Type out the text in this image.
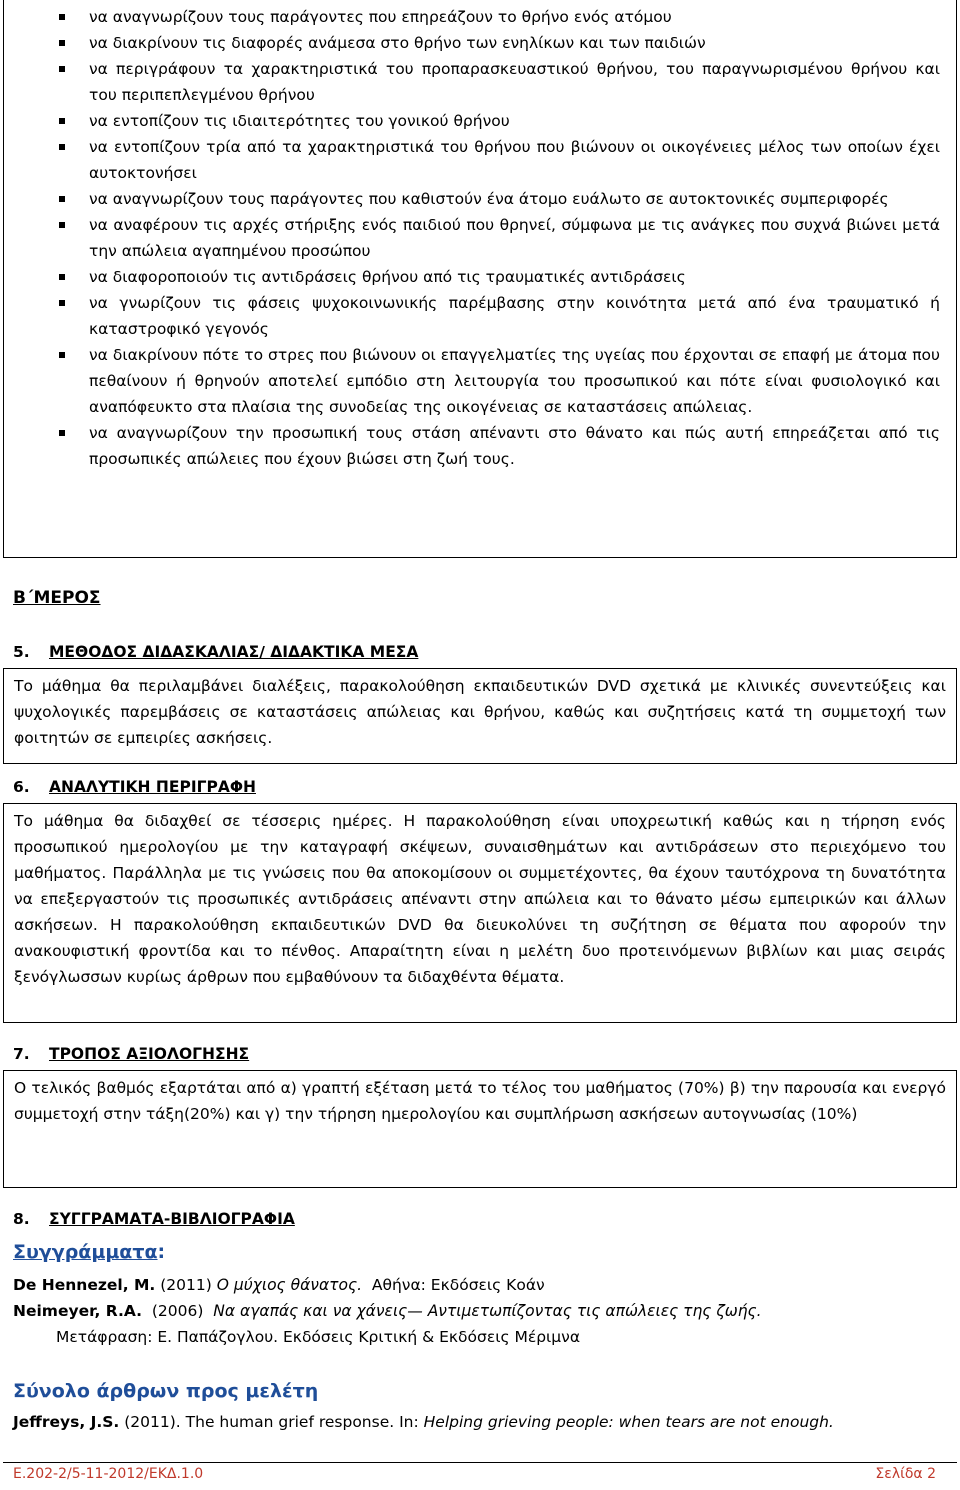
να αναγνωρίζουν τους παράγοντες που επηρεάζουν το θρήνο ενός ατόμου
να διακρίνουν τις διαφορές ανάμεσα στο θρήνο των ενηλίκων και των παιδιών
να περιγράφουν τα χαρακτηριστικά του προπαρασκευαστικού θρήνου, του παραγνωρισμένου θρήνου και του περιπεπλεγμένου θρήνου
να εντοπίζουν τις ιδιαιτερότητες του γονικού θρήνου
να εντοπίζουν τρία από τα χαρακτηριστικά του θρήνου που βιώνουν οι οικογένειες μέλος των οποίων έχει αυτοκτονήσει
να αναγνωρίζουν τους παράγοντες που καθιστούν ένα άτομο ευάλωτο σε αυτοκτονικές συμπεριφορές
να αναφέρουν τις αρχές στήριξης ενός παιδιού που θρηνεί, σύμφωνα με τις ανάγκες που συχνά βιώνει μετά την απώλεια αγαπημένου προσώπου
να διαφοροποιούν τις αντιδράσεις θρήνου από τις τραυματικές αντιδράσεις
να γνωρίζουν τις φάσεις ψυχοκοινωνικής παρέμβασης στην κοινότητα μετά από ένα τραυματικό ή καταστροφικό γεγονός
να διακρίνουν πότε το στρες που βιώνουν οι επαγγελματίες της υγείας που έρχονται σε επαφή με άτομα που πεθαίνουν ή θρηνούν αποτελεί εμπόδιο στη λειτουργία του προσωπικού και πότε είναι φυσιολογικό και αναπόφευκτο στα πλαίσια της συνοδείας της οικογένειας σε καταστάσεις απώλειας.
να αναγνωρίζουν την προσωπική τους στάση απέναντι στο θάνατο και πώς αυτή επηρεάζεται από τις προσωπικές απώλειες που έχουν βιώσει στη ζωή τους.
Β΄ΜΕΡΟΣ
5. ΜΕΘΟΔΟΣ ΔΙΔΑΣΚΑΛΙΑΣ/ ΔΙΔΑΚΤΙΚΑ ΜΕΣΑ

Το μάθημα θα περιλαμβάνει διαλέξεις, παρακολούθηση εκπαιδευτικών DVD σχετικά με κλινικές συνεντεύξεις και ψυχολογικές παρεμβάσεις σε καταστάσεις απώλειας και θρήνου, καθώς και συζητήσεις κατά τη συμμετοχή των φοιτητών σε εμπειρίες ασκήσεις.

6. ΑΝΑΛΥΤΙΚΗ ΠΕΡΙΓΡΑΦΗ

Το μάθημα θα διδαχθεί σε τέσσερις ημέρες. Η παρακολούθηση είναι υποχρεωτική καθώς και η τήρηση ενός προσωπικού ημερολογίου με την καταγραφή σκέψεων, συναισθημάτων και αντιδράσεων στο περιεχόμενο του μαθήματος. Παράλληλα με τις γνώσεις που θα αποκομίσουν οι συμμετέχοντες, θα έχουν ταυτόχρονα τη δυνατότητα να επεξεργαστούν τις προσωπικές αντιδράσεις απέναντι στην απώλεια και το θάνατο μέσω εμπειρικών και άλλων ασκήσεων. Η παρακολούθηση εκπαιδευτικών DVD θα διευκολύνει τη συζήτηση σε θέματα που αφορούν την ανακουφιστική φροντίδα και το πένθος. Απαραίτητη είναι η μελέτη δυο προτεινόμενων βιβλίων και μιας σειράς ξενόγλωσσων κυρίως άρθρων που εμβαθύνουν τα διδαχθέντα θέματα.

7. ΤΡΟΠΟΣ ΑΞΙΟΛΟΓΗΣΗΣ

Ο τελικός βαθμός εξαρτάται από α) γραπτή εξέταση μετά το τέλος του μαθήματος (70%) β) την παρουσία και ενεργό συμμετοχή στην τάξη(20%) και γ) την τήρηση ημερολογίου και συμπλήρωση ασκήσεων αυτογνωσίας (10%)

8. ΣΥΓΓΡΑΜΑΤΑ-ΒΙΒΛΙΟΓΡΑΦΙΑ
Συγγράμματα:
De Hennezel, M. (2011) Ο μύχιος θάνατος.  Αθήνα: Εκδόσεις Κοάν
Neimeyer, R.A.  (2006)  Να αγαπάς και να χάνεις— Αντιμετωπίζοντας τις απώλειες της ζωής.
Μετάφραση: Ε. Παπάζογλου. Εκδόσεις Κριτική & Εκδόσεις Μέριμνα
Σύνολο άρθρων προς μελέτη
Jeffreys, J.S. (2011). The human grief response. In: Helping grieving people: when tears are not enough.
Ε.202-2/5-11-2012/ΕΚΔ.1.0	Σελίδα 2
